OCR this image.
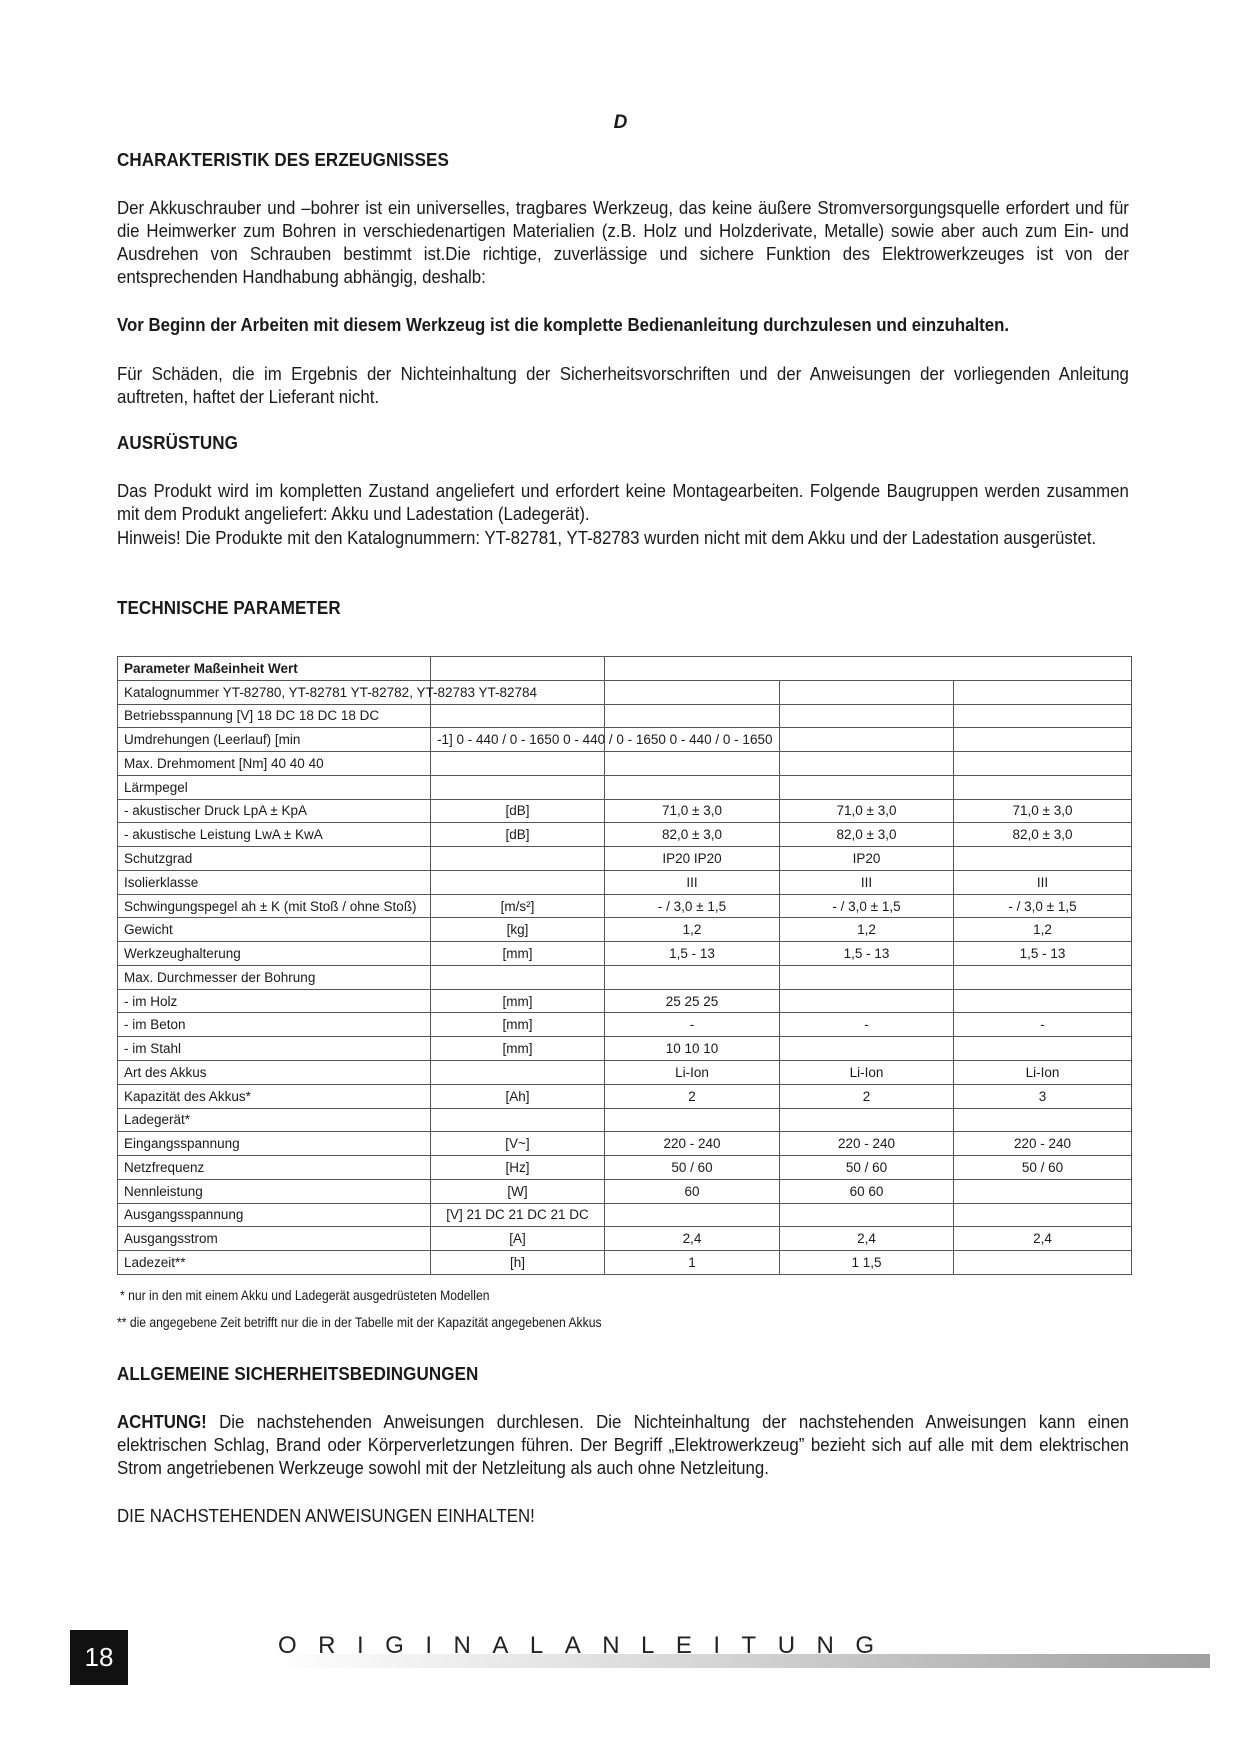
D
CHARAKTERISTIK DES ERZEUGNISSES
Der Akkuschrauber und –bohrer ist ein universelles, tragbares Werkzeug, das keine äußere Stromversorgungsquelle erfordert und für die Heimwerker zum Bohren in verschiedenartigen Materialien (z.B. Holz und Holzderivate, Metalle) sowie aber auch zum Ein- und Ausdrehen von Schrauben bestimmt ist.Die richtige, zuverlässige und sichere Funktion des Elektrowerkzeuges ist von der entsprechenden Handhabung abhängig, deshalb:
Vor Beginn der Arbeiten mit diesem Werkzeug ist die komplette Bedienanleitung durchzulesen und einzuhalten.
Für Schäden, die im Ergebnis der Nichteinhaltung der Sicherheitsvorschriften und der Anweisungen der vorliegenden Anleitung auftreten, haftet der Lieferant nicht.
AUSRÜSTUNG
Das Produkt wird im kompletten Zustand angeliefert und erfordert keine Montagearbeiten. Folgende Baugruppen werden zusammen mit dem Produkt angeliefert: Akku und Ladestation (Ladegerät).
Hinweis! Die Produkte mit den Katalognummern: YT-82781, YT-82783 wurden nicht mit dem Akku und der Ladestation ausgerüstet.
TECHNISCHE PARAMETER
Parameter Maßeinheit Wert				
Katalognummer YT-82780, YT-82781 YT-82782, YT-82783 YT-82784				
Betriebsspannung [V] 18 DC 18 DC 18 DC				
Umdrehungen (Leerlauf) [min	-1] 0 - 440 / 0 - 1650 0 - 440 / 0 - 1650 0 - 440 / 0 - 1650			
Max. Drehmoment [Nm] 40 40 40				
Lärmpegel				
- akustischer Druck LpA ± KpA	[dB]	71,0 ± 3,0	71,0 ± 3,0	71,0 ± 3,0
- akustische Leistung LwA ± KwA	[dB]	82,0 ± 3,0	82,0 ± 3,0	82,0 ± 3,0
Schutzgrad		IP20 IP20	IP20	
Isolierklasse		III	III	III
Schwingungspegel ah ± K (mit Stoß / ohne Stoß)	[m/s²]	- / 3,0 ± 1,5	- / 3,0 ± 1,5	- / 3,0 ± 1,5
Gewicht	[kg]	1,2	1,2	1,2
Werkzeughalterung	[mm]	1,5 - 13	1,5 - 13	1,5 - 13
Max. Durchmesser der Bohrung				
- im Holz	[mm]	25 25 25		
- im Beton	[mm]	-	-	-
- im Stahl	[mm]	10 10 10		
Art des Akkus		Li-Ion	Li-Ion	Li-Ion
Kapazität des Akkus*	[Ah]	2	2	3
Ladegerät*				
Eingangsspannung	[V~]	220 - 240	220 - 240	220 - 240
Netzfrequenz	[Hz]	50 / 60	50 / 60	50 / 60
Nennleistung	[W]	60	60 60	
Ausgangsspannung	[V] 21 DC 21 DC 21 DC			
Ausgangsstrom	[A]	2,4	2,4	2,4
Ladezeit**	[h]	1	1 1,5	
* nur in den mit einem Akku und Ladegerät ausgedrüsteten Modellen
** die angegebene Zeit betrifft nur die in der Tabelle mit der Kapazität angegebenen Akkus
ALLGEMEINE SICHERHEITSBEDINGUNGEN
ACHTUNG! Die nachstehenden Anweisungen durchlesen. Die Nichteinhaltung der nachstehenden Anweisungen kann einen elektrischen Schlag, Brand oder Körperverletzungen führen. Der Begriff „Elektrowerkzeug” bezieht sich auf alle mit dem elektrischen Strom angetriebenen Werkzeuge sowohl mit der Netzleitung als auch ohne Netzleitung.
DIE NACHSTEHENDEN ANWEISUNGEN EINHALTEN!
18	ORIGINALANLEITUNG
